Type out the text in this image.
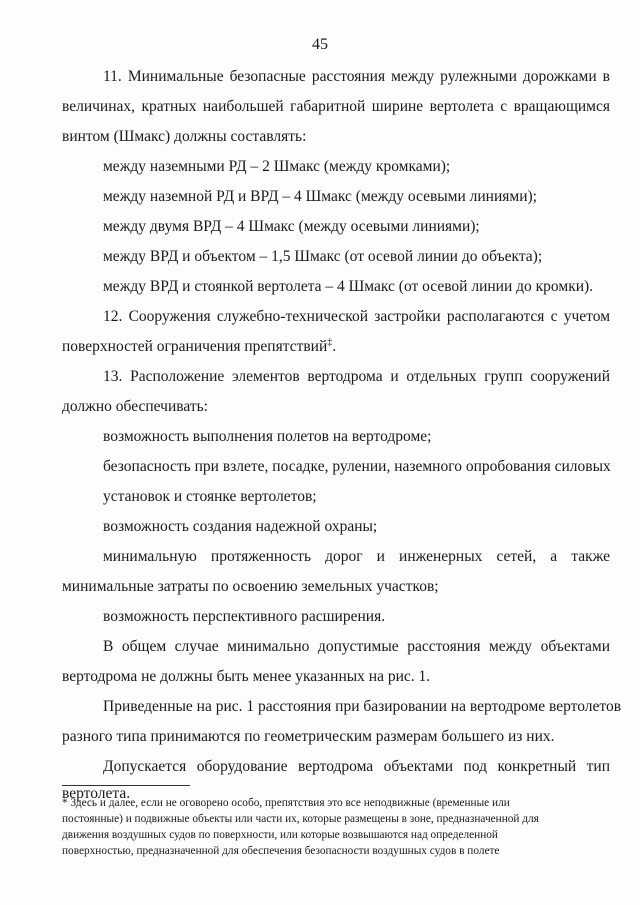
45
11. Минимальные безопасные расстояния между рулежными дорожками в
величинах, кратных наибольшей габаритной ширине вертолета с вращающимся
винтом (Шмакс) должны составлять:
между наземными РД – 2 Шмакс (между кромками);
между наземной РД и ВРД – 4 Шмакс (между осевыми линиями);
между двумя ВРД – 4 Шмакс (между осевыми линиями);
между ВРД и объектом – 1,5 Шмакс (от осевой линии до объекта);
между ВРД и стоянкой вертолета – 4 Шмакс (от осевой линии до кромки).
12. Сооружения служебно-технической застройки располагаются с учетом
поверхностей ограничения препятствий‡.
13. Расположение элементов вертодрома и отдельных групп сооружений
должно обеспечивать:
возможность выполнения полетов на вертодроме;
безопасность при взлете, посадке, рулении, наземного опробования силовых
установок и стоянке вертолетов;
возможность создания надежной охраны;
минимальную протяженность дорог и инженерных сетей, а также
минимальные затраты по освоению земельных участков;
возможность перспективного расширения.
В общем случае минимально допустимые расстояния между объектами
вертодрома не должны быть менее указанных на рис. 1.
Приведенные на рис. 1 расстояния при базировании на вертодроме вертолетов
разного типа принимаются по геометрическим размерам большего из них.
Допускается оборудование вертодрома объектами под конкретный тип
вертолета.
* Здесь и далее, если не оговорено особо, препятствия это все неподвижные (временные или
постоянные) и подвижные объекты или части их, которые размещены в зоне, предназначенной для
движения воздушных судов по поверхности, или которые возвышаются над определенной
поверхностью, предназначенной для обеспечения безопасности воздушных судов в полете
